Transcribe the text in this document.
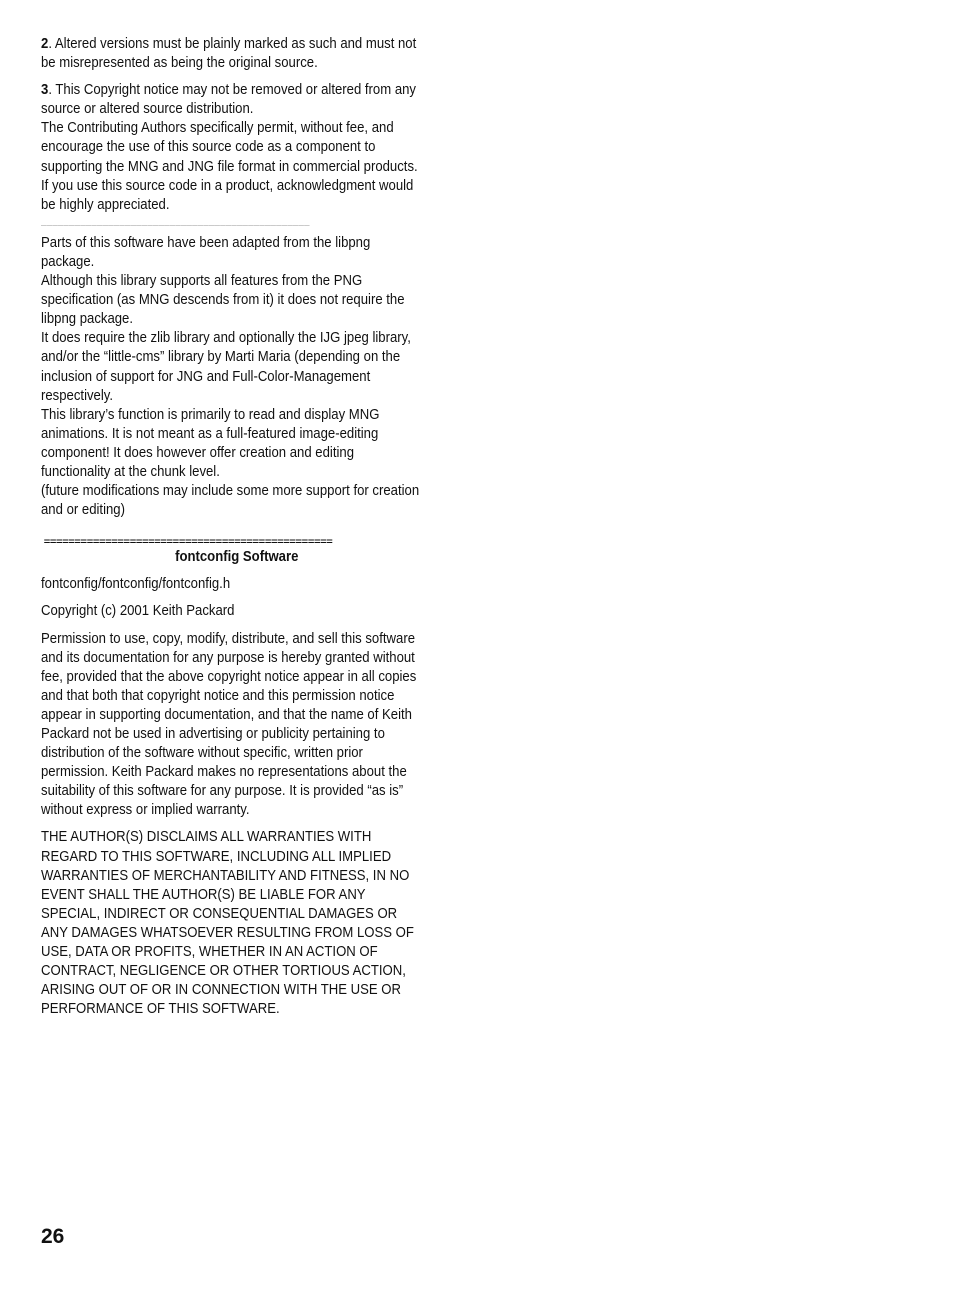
2. Altered versions must be plainly marked as such and must not be misrepresented as being the original source.

3. This Copyright notice may not be removed or altered from any source or altered source distribution.

The Contributing Authors specifically permit, without fee, and encourage the use of this source code as a component to supporting the MNG and JNG file format in commercial products. If you use this source code in a product, acknowledgment would be highly appreciated.

________________________________________________

Parts of this software have been adapted from the libpng package.

Although this library supports all features from the PNG specification (as MNG descends from it) it does not require the libpng package.

It does require the zlib library and optionally the IJG jpeg library, and/or the “little-cms” library by Marti Maria (depending on the inclusion of support for JNG and Full-Color-Management respectively.

This library’s function is primarily to read and display MNG animations. It is not meant as a full-featured image-editing component! It does however offer creation and editing functionality at the chunk level.

(future modifications may include some more support for creation and or editing)

===============================================

fontconfig Software

fontconfig/fontconfig/fontconfig.h

Copyright (c) 2001 Keith Packard

Permission to use, copy, modify, distribute, and sell this software and its documentation for any purpose is hereby granted without fee, provided that the above copyright notice appear in all copies and that both that copyright notice and this permission notice appear in supporting documentation, and that the name of Keith Packard not be used in advertising or publicity pertaining to distribution of the software without specific, written prior permission. Keith Packard makes no representations about the suitability of this software for any purpose. It is provided “as is” without express or implied warranty.

THE AUTHOR(S) DISCLAIMS ALL WARRANTIES WITH REGARD TO THIS SOFTWARE, INCLUDING ALL IMPLIED WARRANTIES OF MERCHANTABILITY AND FITNESS, IN NO EVENT SHALL THE AUTHOR(S) BE LIABLE FOR ANY SPECIAL, INDIRECT OR CONSEQUENTIAL DAMAGES OR ANY DAMAGES WHATSOEVER RESULTING FROM LOSS OF USE, DATA OR PROFITS, WHETHER IN AN ACTION OF CONTRACT, NEGLIGENCE OR OTHER TORTIOUS ACTION, ARISING OUT OF OR IN CONNECTION WITH THE USE OR PERFORMANCE OF THIS SOFTWARE.

26
